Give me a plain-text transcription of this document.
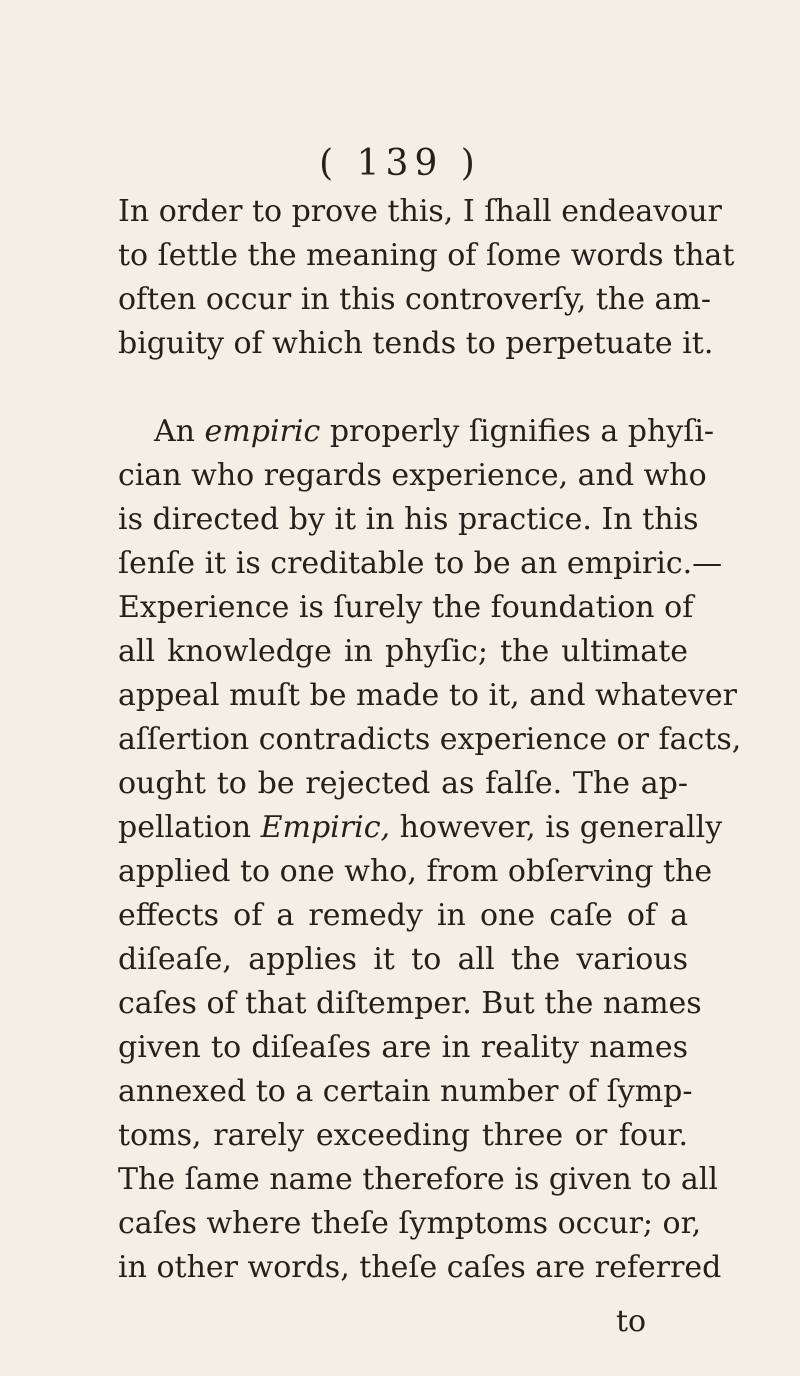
( 139 )
In order to prove this, I ſhall endeavour
to ſettle the meaning of ſome words that
often occur in this controverſy, the am-
biguity of which tends to perpetuate it.
An empiric properly ſignifies a phyſi-
cian who regards experience, and who
is directed by it in his practice. In this
ſenſe it is creditable to be an empiric.—
Experience is ſurely the foundation of
all knowledge in phyſic; the ultimate
appeal muſt be made to it, and whatever
aſſertion contradicts experience or facts,
ought to be rejected as falſe. The ap-
pellation Empiric, however, is generally
applied to one who, from obſerving the
effects of a remedy in one caſe of a
diſeaſe, applies it to all the various
caſes of that diſtemper. But the names
given to diſeaſes are in reality names
annexed to a certain number of ſymp-
toms, rarely exceeding three or four.
The ſame name therefore is given to all
caſes where theſe ſymptoms occur; or,
in other words, theſe caſes are referred
to
